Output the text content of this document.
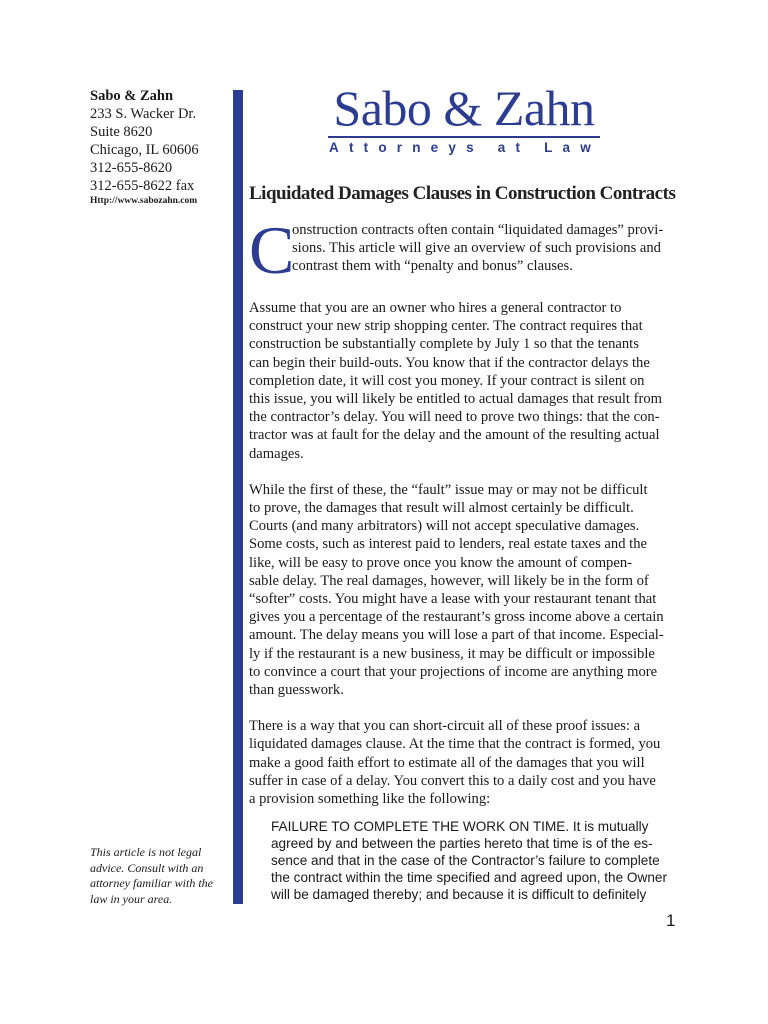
Sabo & Zahn
233 S. Wacker Dr.
Suite 8620
Chicago, IL 60606
312-655-8620
312-655-8622 fax
Http://www.sabozahn.com
This article is not legal advice. Consult with an attorney familiar with the law in your area.
Sabo & Zahn
Attorneys at Law
Liquidated Damages Clauses in Construction Contracts
C
onstruction contracts often contain “liquidated damages” provi-
sions. This article will give an overview of such provisions and
contrast them with “penalty and bonus” clauses.
Assume that you are an owner who hires a general contractor to
construct your new strip shopping center. The contract requires that
construction be substantially complete by July 1 so that the tenants
can begin their build-outs. You know that if the contractor delays the
completion date, it will cost you money. If your contract is silent on
this issue, you will likely be entitled to actual damages that result from
the contractor’s delay. You will need to prove two things: that the con-
tractor was at fault for the delay and the amount of the resulting actual
damages.
While the first of these, the “fault” issue may or may not be difficult
to prove, the damages that result will almost certainly be difficult.
Courts (and many arbitrators) will not accept speculative damages.
Some costs, such as interest paid to lenders, real estate taxes and the
like, will be easy to prove once you know the amount of compen-
sable delay. The real damages, however, will likely be in the form of
“softer” costs. You might have a lease with your restaurant tenant that
gives you a percentage of the restaurant’s gross income above a certain
amount. The delay means you will lose a part of that income. Especial-
ly if the restaurant is a new business, it may be difficult or impossible
to convince a court that your projections of income are anything more
than guesswork.
There is a way that you can short-circuit all of these proof issues: a
liquidated damages clause. At the time that the contract is formed, you
make a good faith effort to estimate all of the damages that you will
suffer in case of a delay. You convert this to a daily cost and you have
a provision something like the following:
FAILURE TO COMPLETE THE WORK ON TIME. It is mutually
agreed by and between the parties hereto that time is of the es-
sence and that in the case of the Contractor’s failure to complete
the contract within the time specified and agreed upon, the Owner
will be damaged thereby; and because it is difficult to definitely
1
